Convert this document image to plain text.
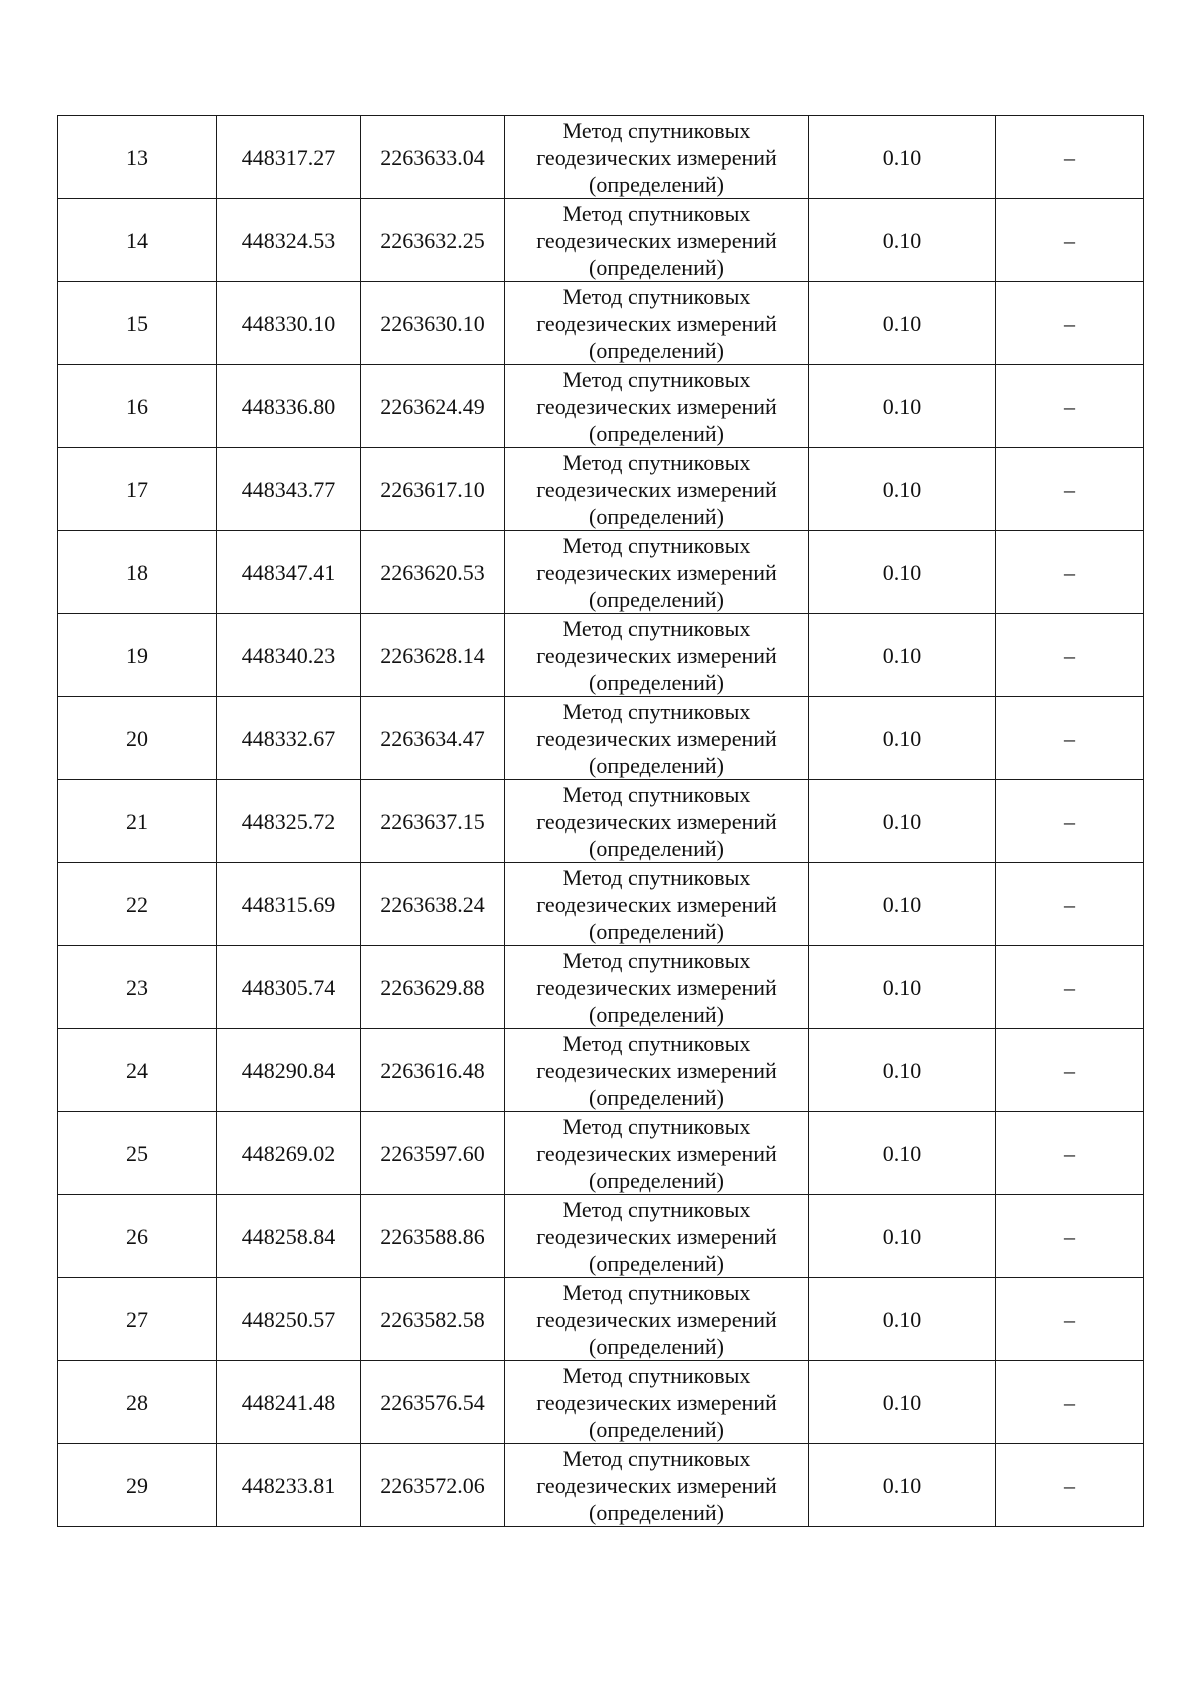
13	448317.27	2263633.04	Метод спутниковых
геодезических измерений
(определений)	0.10	–
14	448324.53	2263632.25	Метод спутниковых
геодезических измерений
(определений)	0.10	–
15	448330.10	2263630.10	Метод спутниковых
геодезических измерений
(определений)	0.10	–
16	448336.80	2263624.49	Метод спутниковых
геодезических измерений
(определений)	0.10	–
17	448343.77	2263617.10	Метод спутниковых
геодезических измерений
(определений)	0.10	–
18	448347.41	2263620.53	Метод спутниковых
геодезических измерений
(определений)	0.10	–
19	448340.23	2263628.14	Метод спутниковых
геодезических измерений
(определений)	0.10	–
20	448332.67	2263634.47	Метод спутниковых
геодезических измерений
(определений)	0.10	–
21	448325.72	2263637.15	Метод спутниковых
геодезических измерений
(определений)	0.10	–
22	448315.69	2263638.24	Метод спутниковых
геодезических измерений
(определений)	0.10	–
23	448305.74	2263629.88	Метод спутниковых
геодезических измерений
(определений)	0.10	–
24	448290.84	2263616.48	Метод спутниковых
геодезических измерений
(определений)	0.10	–
25	448269.02	2263597.60	Метод спутниковых
геодезических измерений
(определений)	0.10	–
26	448258.84	2263588.86	Метод спутниковых
геодезических измерений
(определений)	0.10	–
27	448250.57	2263582.58	Метод спутниковых
геодезических измерений
(определений)	0.10	–
28	448241.48	2263576.54	Метод спутниковых
геодезических измерений
(определений)	0.10	–
29	448233.81	2263572.06	Метод спутниковых
геодезических измерений
(определений)	0.10	–
